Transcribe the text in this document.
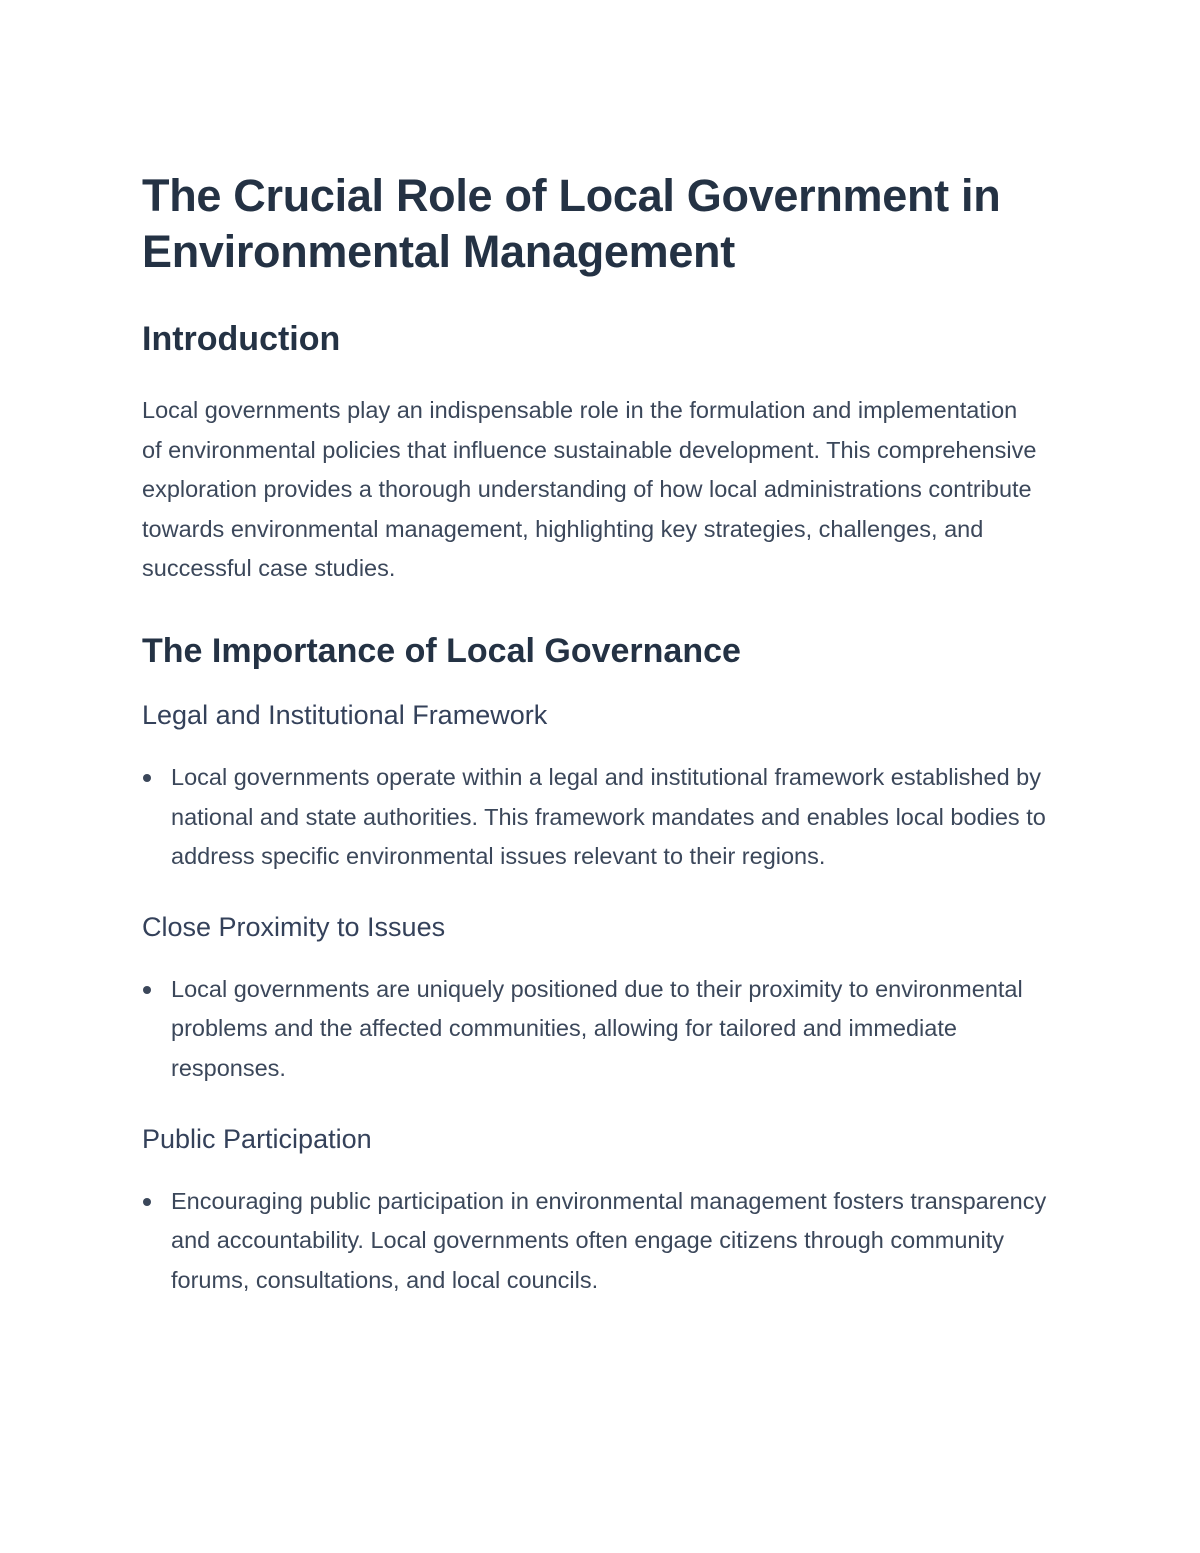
The Crucial Role of Local Government in Environmental Management
Introduction

Local governments play an indispensable role in the formulation and implementation of environmental policies that influence sustainable development. This comprehensive exploration provides a thorough understanding of how local administrations contribute towards environmental management, highlighting key strategies, challenges, and successful case studies.

The Importance of Local Governance
Legal and Institutional Framework
Local governments operate within a legal and institutional framework established by national and state authorities. This framework mandates and enables local bodies to address specific environmental issues relevant to their regions.
Close Proximity to Issues
Local governments are uniquely positioned due to their proximity to environmental problems and the affected communities, allowing for tailored and immediate responses.
Public Participation
Encouraging public participation in environmental management fosters transparency and accountability. Local governments often engage citizens through community forums, consultations, and local councils.
